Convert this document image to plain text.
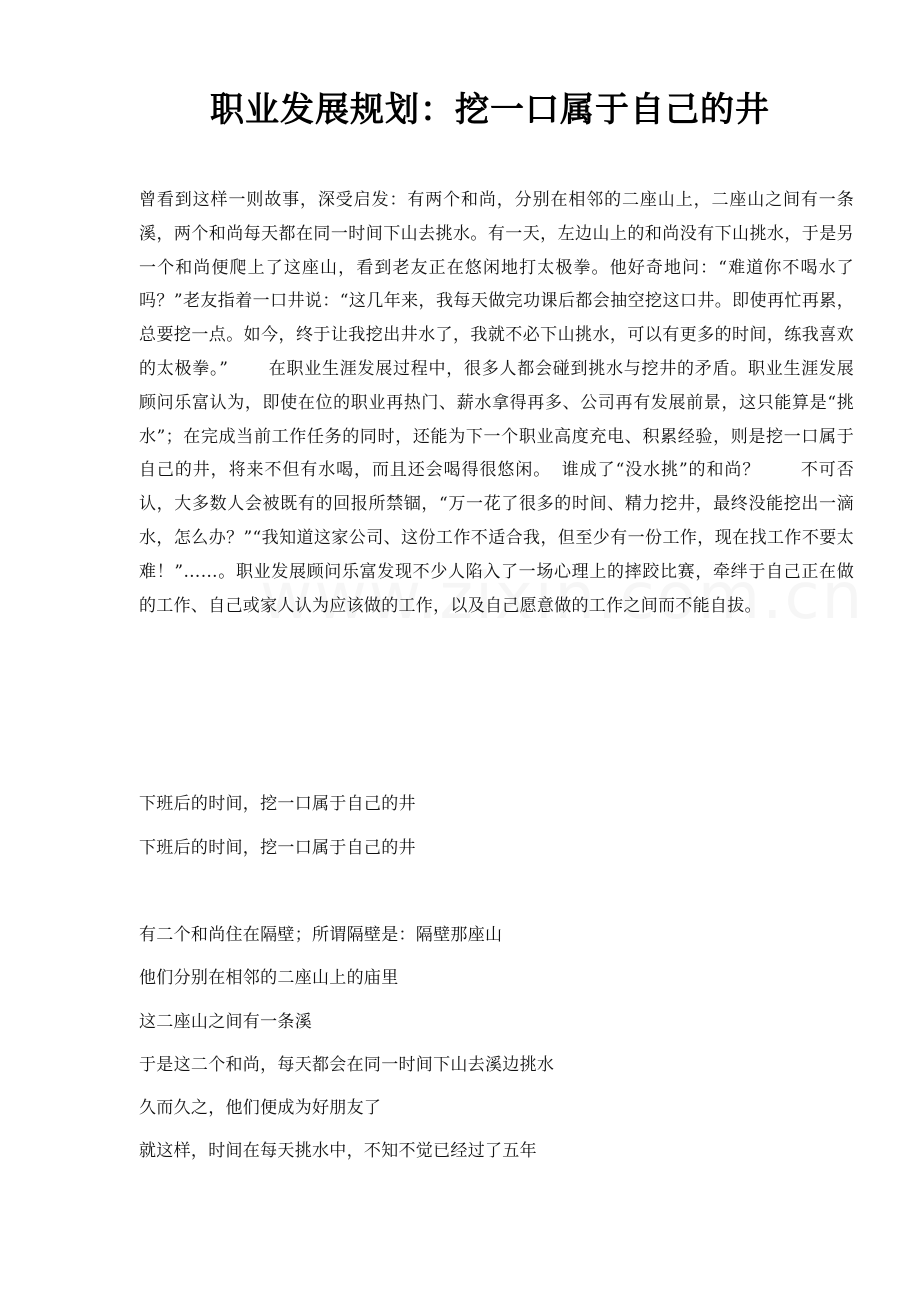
职业发展规划：挖一口属于自己的井
曾看到这样一则故事，深受启发：有两个和尚，分别在相邻的二座山上，二座山之间有一条溪，两个和尚每天都在同一时间下山去挑水。有一天，左边山上的和尚没有下山挑水，于是另一个和尚便爬上了这座山，看到老友正在悠闲地打太极拳。他好奇地问：“难道你不喝水了吗？”老友指着一口井说：“这几年来，我每天做完功课后都会抽空挖这口井。即使再忙再累，总要挖一点。如今，终于让我挖出井水了，我就不必下山挑水，可以有更多的时间，练我喜欢的太极拳。” 在职业生涯发展过程中，很多人都会碰到挑水与挖井的矛盾。职业生涯发展顾问乐富认为，即使在位的职业再热门、薪水拿得再多、公司再有发展前景，这只能算是“挑水”；在完成当前工作任务的同时，还能为下一个职业高度充电、积累经验，则是挖一口属于自己的井，将来不但有水喝，而且还会喝得很悠闲。 谁成了“没水挑”的和尚？ 不可否认，大多数人会被既有的回报所禁锢，“万一花了很多的时间、精力挖井，最终没能挖出一滴水，怎么办？”“我知道这家公司、这份工作不适合我，但至少有一份工作，现在找工作不要太难！”……。职业发展顾问乐富发现不少人陷入了一场心理上的摔跤比赛，牵绊于自己正在做的工作、自己或家人认为应该做的工作，以及自己愿意做的工作之间而不能自拔。
下班后的时间，挖一口属于自己的井
下班后的时间，挖一口属于自己的井
有二个和尚住在隔壁；所谓隔壁是：隔壁那座山
他们分别在相邻的二座山上的庙里
这二座山之间有一条溪
于是这二个和尚，每天都会在同一时间下山去溪边挑水
久而久之，他们便成为好朋友了
就这样，时间在每天挑水中，不知不觉已经过了五年
